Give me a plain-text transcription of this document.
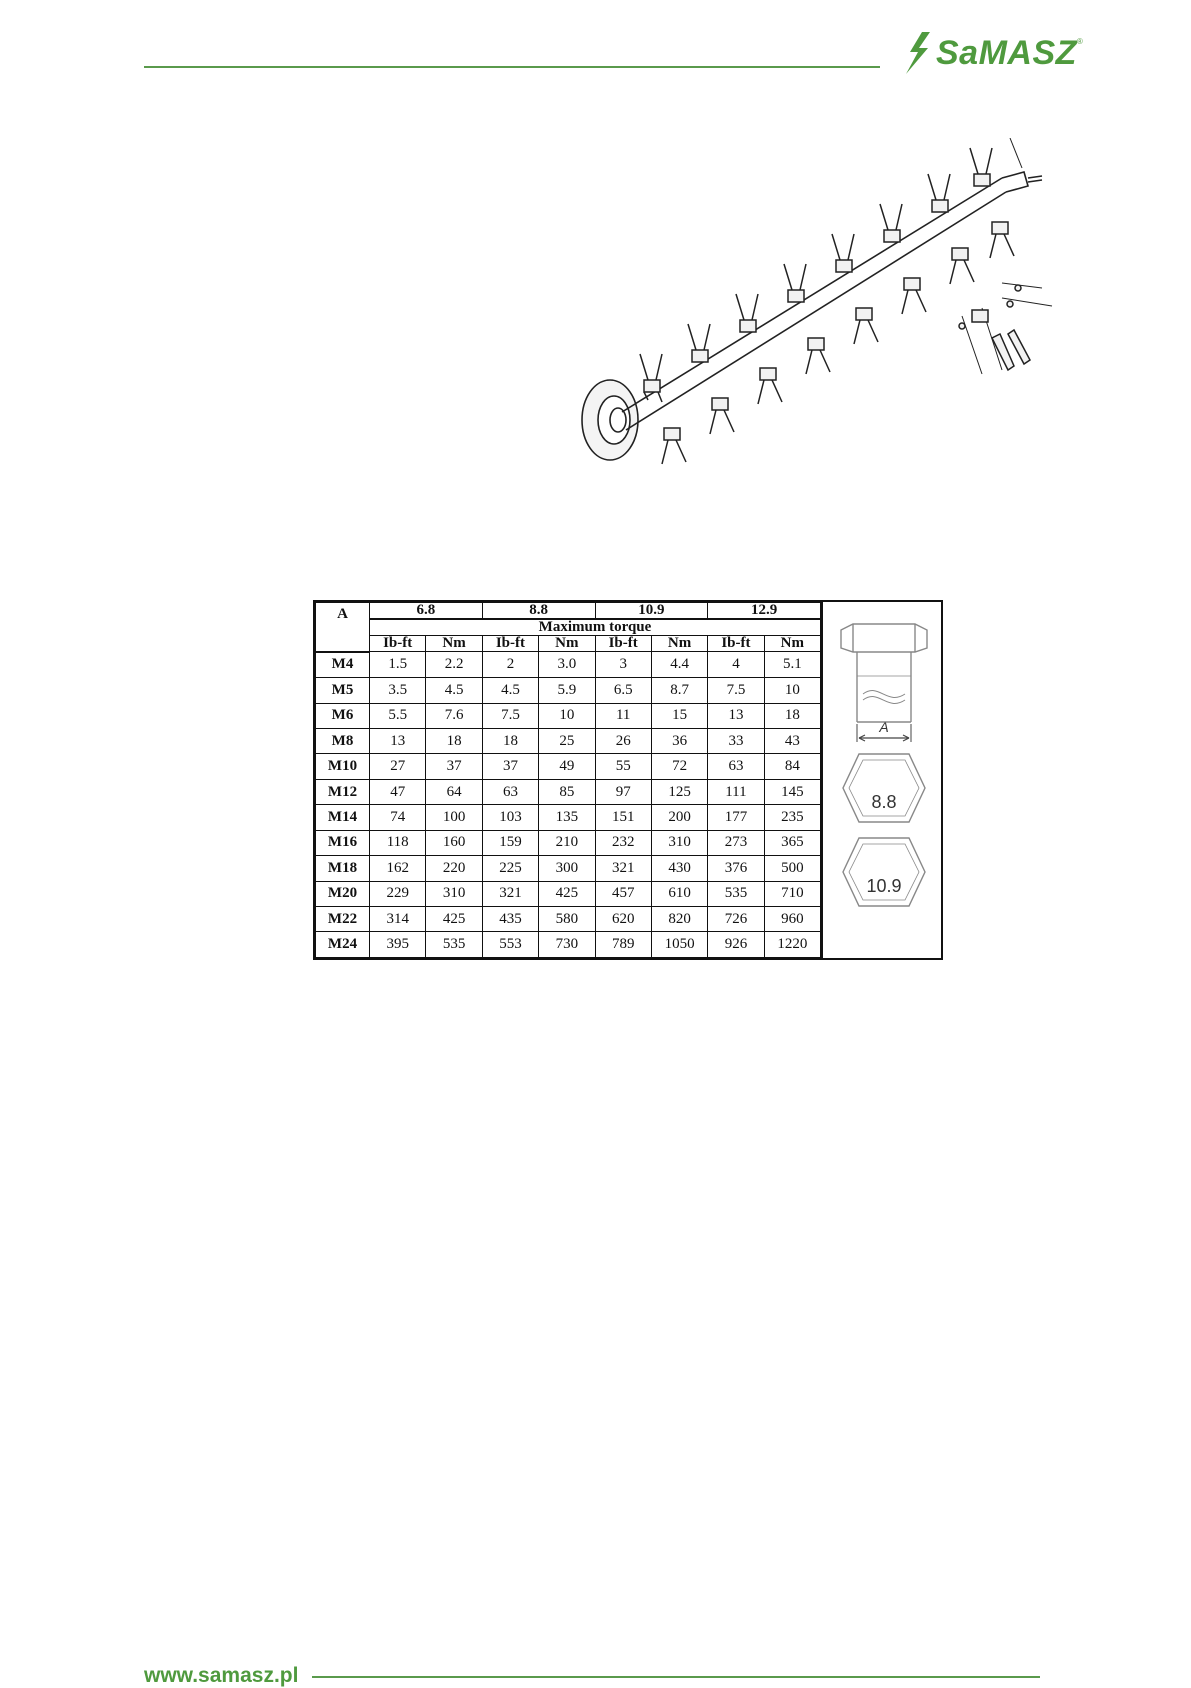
SaMASZ ®
A	6.8		8.8		10.9		12.9	
	Maximum torque							
	Ib-ft	Nm	Ib-ft	Nm	Ib-ft	Nm	Ib-ft	Nm
M4	1.5	2.2	2	3.0	3	4.4	4	5.1
M5	3.5	4.5	4.5	5.9	6.5	8.7	7.5	10
M6	5.5	7.6	7.5	10	11	15	13	18
M8	13	18	18	25	26	36	33	43
M10	27	37	37	49	55	72	63	84
M12	47	64	63	85	97	125	111	145
M14	74	100	103	135	151	200	177	235
M16	118	160	159	210	232	310	273	365
M18	162	220	225	300	321	430	376	500
M20	229	310	321	425	457	610	535	710
M22	314	425	435	580	620	820	726	960
M24	395	535	553	730	789	1050	926	1220
A
8.8
10.9
www.samasz.pl
